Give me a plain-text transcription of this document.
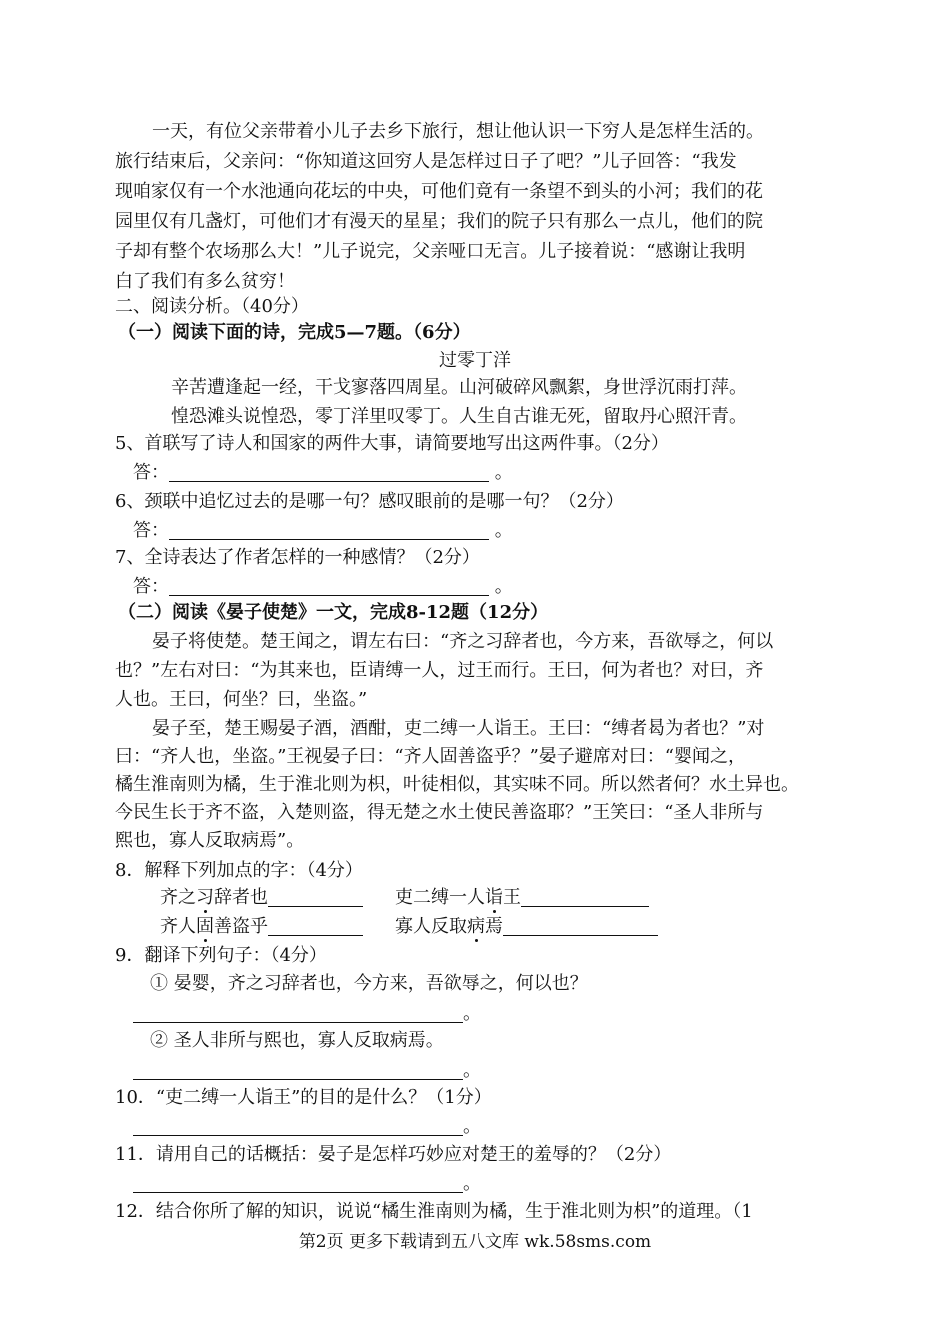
一天，有位父亲带着小儿子去乡下旅行，想让他认识一下穷人是怎样生活的。
旅行结束后，父亲问：“你知道这回穷人是怎样过日子了吧？”儿子回答：“我发
现咱家仅有一个水池通向花坛的中央，可他们竟有一条望不到头的小河；我们的花
园里仅有几盏灯，可他们才有漫天的星星；我们的院子只有那么一点儿，他们的院
子却有整个农场那么大！”儿子说完，父亲哑口无言。儿子接着说：“感谢让我明
白了我们有多么贫穷！
二、阅读分析。（40分）
（一）阅读下面的诗，完成5—7题。（6分）
过零丁洋
辛苦遭逢起一经，干戈寥落四周星。山河破碎风飘絮，身世浮沉雨打萍。
惶恐滩头说惶恐，零丁洋里叹零丁。人生自古谁无死，留取丹心照汗青。
5、首联写了诗人和国家的两件大事，请简要地写出这两件事。（2分）
答：	。
6、颈联中追忆过去的是哪一句？感叹眼前的是哪一句？（2分）
答：	。
7、全诗表达了作者怎样的一种感情？（2分）
答：	。
（二）阅读《晏子使楚》一文，完成8-12题（12分）
晏子将使楚。楚王闻之，谓左右曰：“齐之习辞者也，今方来，吾欲辱之，何以
也？”左右对曰：“为其来也，臣请缚一人，过王而行。王曰，何为者也？对曰，齐
人也。王曰，何坐？曰，坐盗。”
晏子至，楚王赐晏子酒，酒酣，吏二缚一人诣王。王曰：“缚者曷为者也？”对
曰：“齐人也，坐盗。”王视晏子曰：“齐人固善盗乎？”晏子避席对曰：“婴闻之，
橘生淮南则为橘，生于淮北则为枳，叶徒相似，其实味不同。所以然者何？水土异也。
今民生长于齐不盗，入楚则盗，得无楚之水土使民善盗耶？”王笑曰：“圣人非所与
熙也，寡人反取病焉”。
8．解释下列加点的字：（4分）
齐之习辞者也	吏二缚一人诣王
齐人固善盗乎	寡人反取病焉
9．翻译下列句子：（4分）
① 晏婴，齐之习辞者也，今方来，吾欲辱之，何以也？
。
② 圣人非所与熙也，寡人反取病焉。
。
10．“吏二缚一人诣王”的目的是什么？（1分）
。
11．请用自己的话概括：晏子是怎样巧妙应对楚王的羞辱的？（2分）
。
12．结合你所了解的知识，说说“橘生淮南则为橘，生于淮北则为枳”的道理。（1
第2页 更多下载请到五八文库 wk.58sms.com
